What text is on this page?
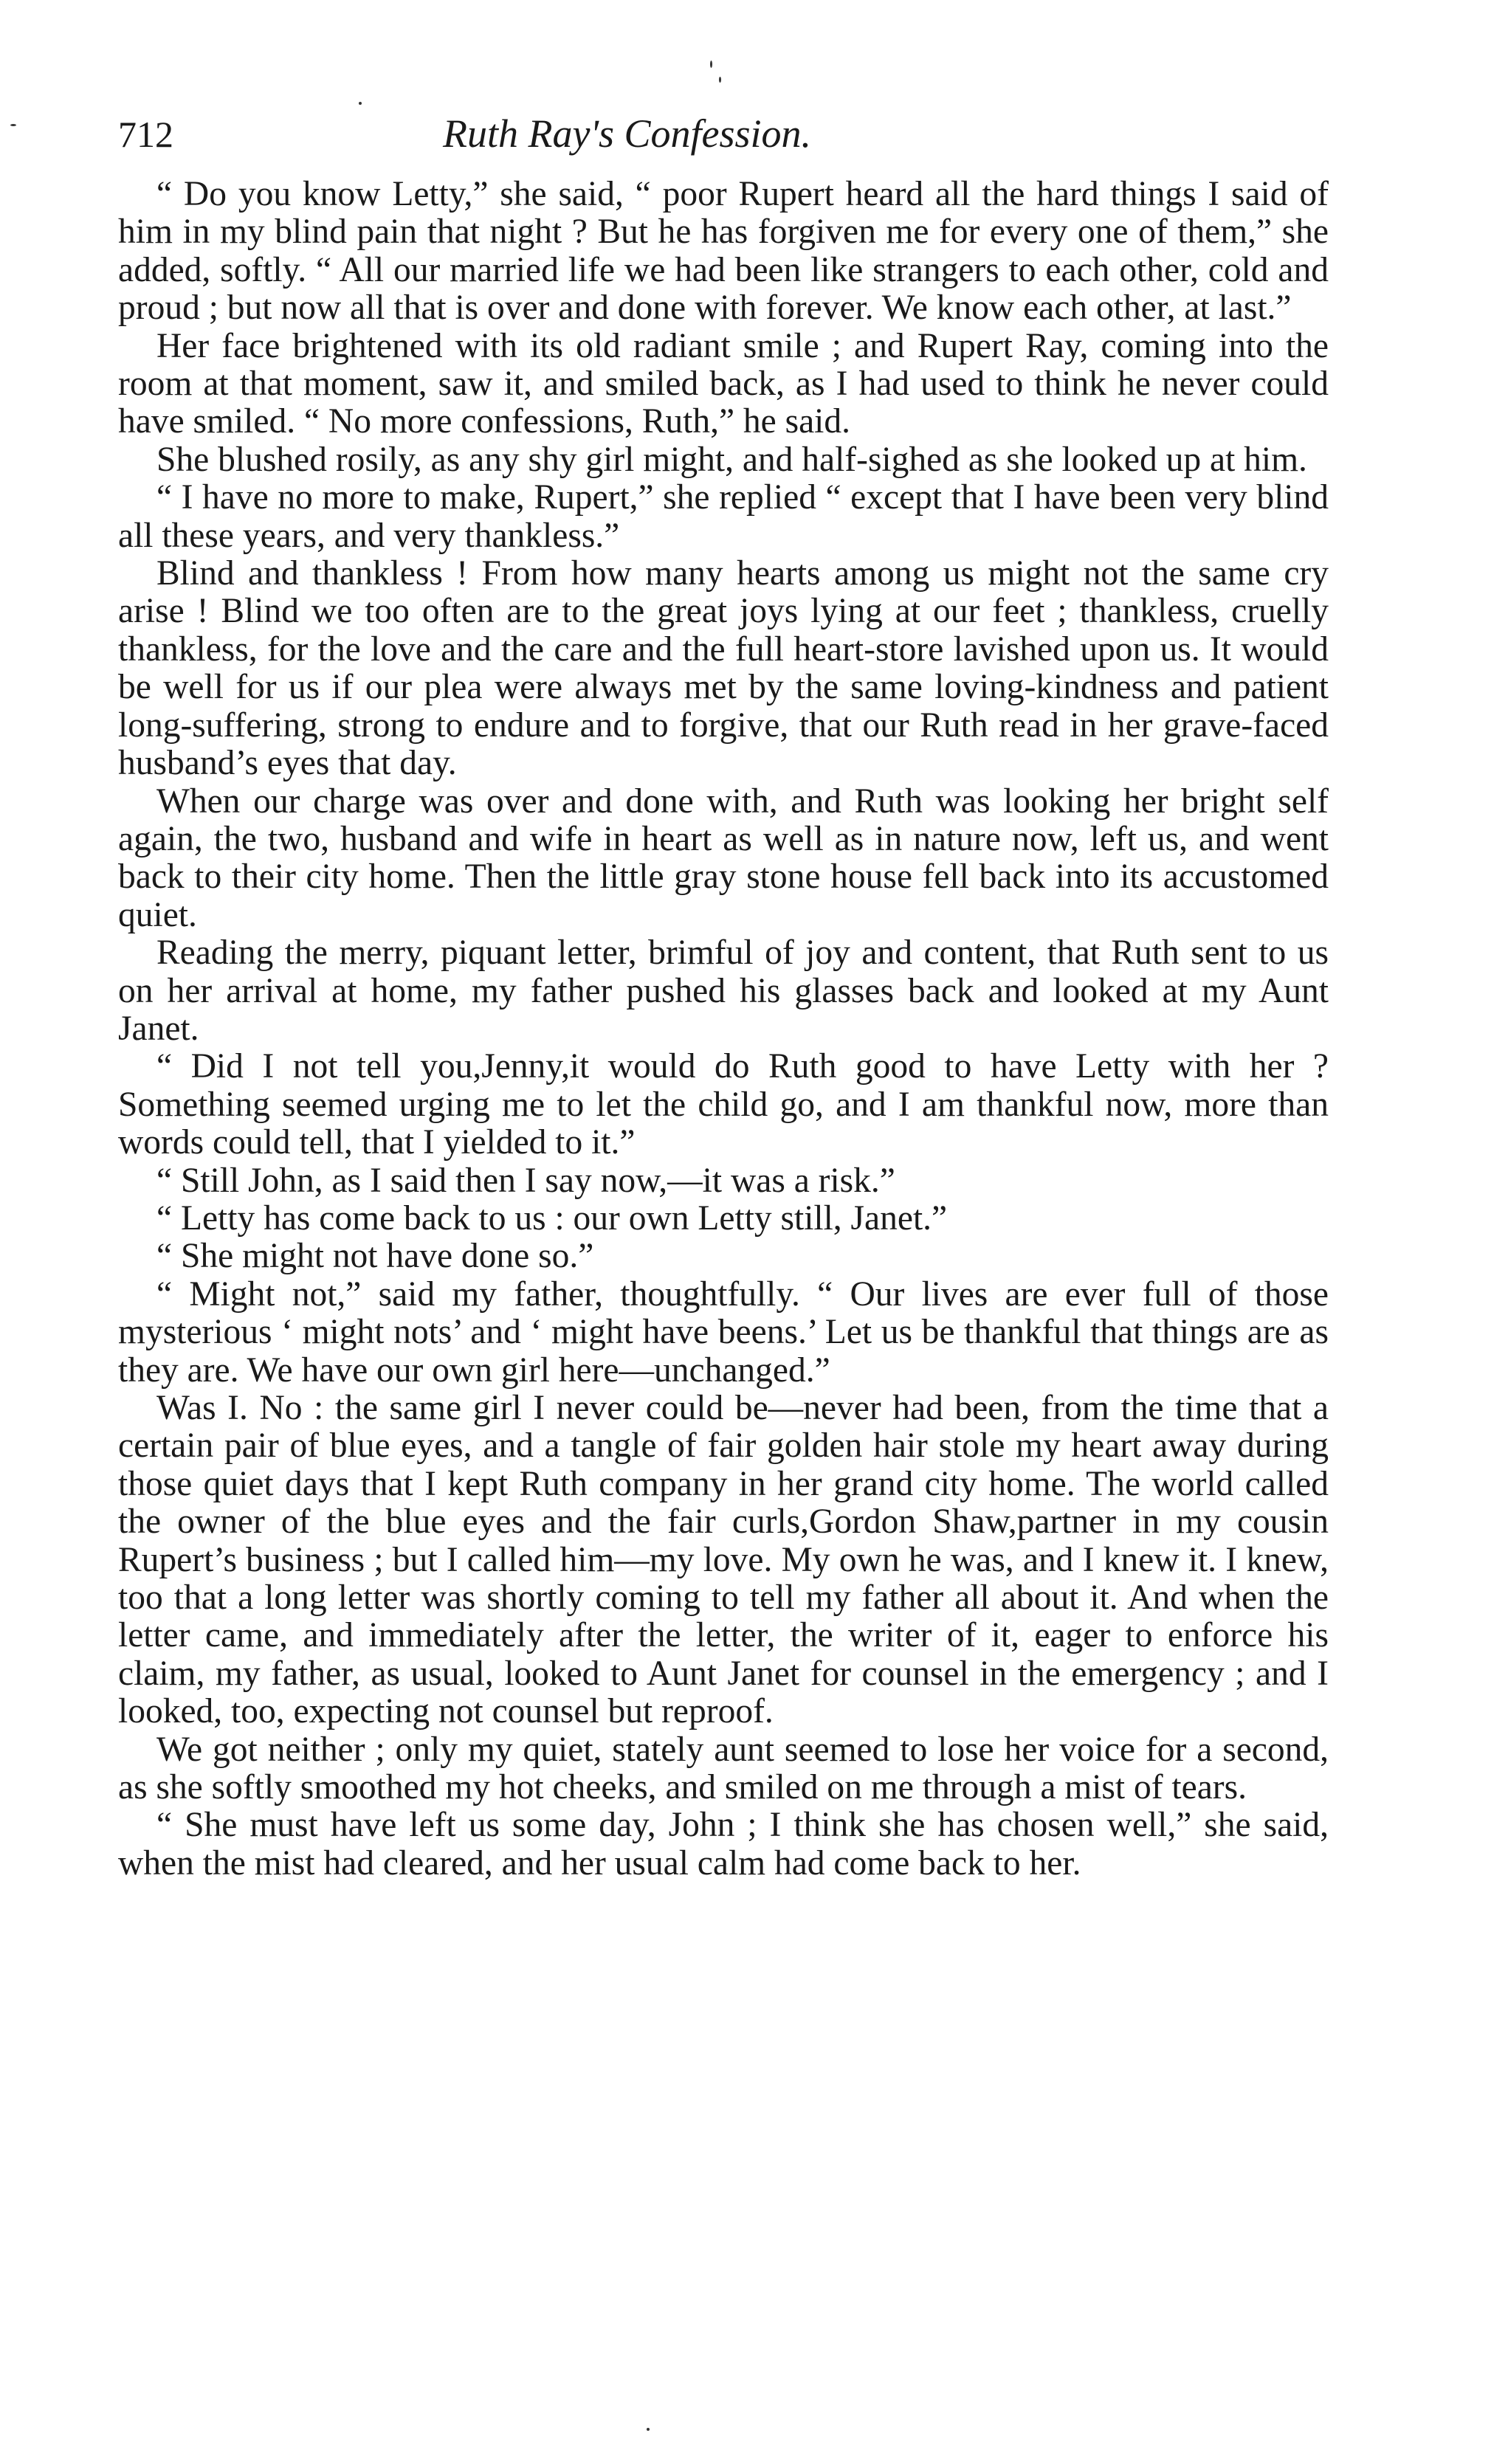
712	Ruth Ray's Confession.

“ Do you know Letty,” she said, “ poor Rupert heard all the hard things I said of him in my blind pain that night ? But he has forgiven me for every one of them,” she added, softly. “ All our married life we had been like strangers to each other, cold and proud ; but now all that is over and done with forever. We know each other, at last.”

Her face brightened with its old radiant smile ; and Rupert Ray, coming into the room at that moment, saw it, and smiled back, as I had used to think he never could have smiled. “ No more confessions, Ruth,” he said.

She blushed rosily, as any shy girl might, and half-sighed as she looked up at him.

“ I have no more to make, Rupert,” she replied “ except that I have been very blind all these years, and very thankless.”

Blind and thankless ! From how many hearts among us might not the same cry arise ! Blind we too often are to the great joys lying at our feet ; thankless, cruelly thankless, for the love and the care and the full heart-store lavished upon us. It would be well for us if our plea were always met by the same loving-kindness and patient long-suffering, strong to endure and to forgive, that our Ruth read in her grave-faced husband’s eyes that day.

When our charge was over and done with, and Ruth was looking her bright self again, the two, husband and wife in heart as well as in nature now, left us, and went back to their city home. Then the little gray stone house fell back into its accustomed quiet.

Reading the merry, piquant letter, brimful of joy and content, that Ruth sent to us on her arrival at home, my father pushed his glasses back and looked at my Aunt Janet.

“ Did I not tell you,Jenny,it would do Ruth good to have Letty with her ? Something seemed urging me to let the child go, and I am thankful now, more than words could tell, that I yielded to it.”

“ Still John, as I said then I say now,—it was a risk.”

“ Letty has come back to us : our own Letty still, Janet.”

“ She might not have done so.”

“ Might not,” said my father, thoughtfully. “ Our lives are ever full of those mysterious ‘ might nots’ and ‘ might have beens.’ Let us be thankful that things are as they are. We have our own girl here—unchanged.”

Was I. No : the same girl I never could be—never had been, from the time that a certain pair of blue eyes, and a tangle of fair golden hair stole my heart away during those quiet days that I kept Ruth company in her grand city home. The world called the owner of the blue eyes and the fair curls,Gordon Shaw,partner in my cousin Rupert’s business ; but I called him—my love. My own he was, and I knew it. I knew, too that a long letter was shortly coming to tell my father all about it. And when the letter came, and immediately after the letter, the writer of it, eager to enforce his claim, my father, as usual, looked to Aunt Janet for counsel in the emergency ; and I looked, too, expecting not counsel but reproof.

We got neither ; only my quiet, stately aunt seemed to lose her voice for a second, as she softly smoothed my hot cheeks, and smiled on me through a mist of tears.

“ She must have left us some day, John ; I think she has chosen well,” she said, when the mist had cleared, and her usual calm had come back to her.
